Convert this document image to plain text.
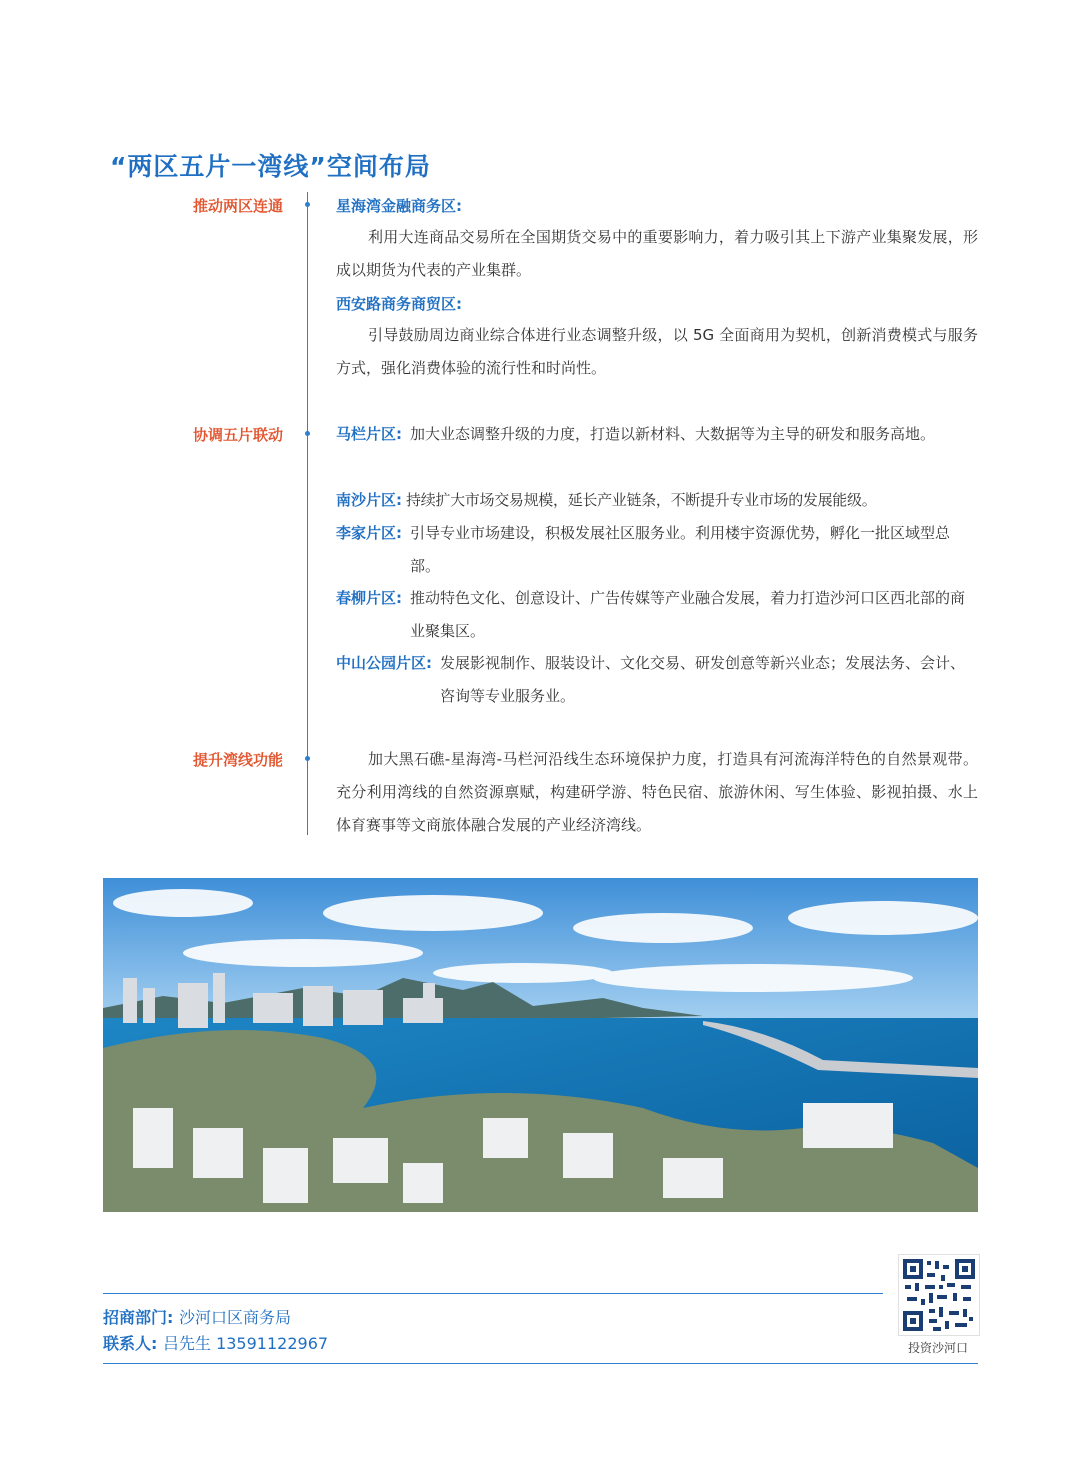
“两区五片一湾线”空间布局
推动两区连通	星海湾金融商务区:
利用大连商品交易所在全国期货交易中的重要影响力，着力吸引其上下游产业集聚发展，形成以期货为代表的产业集群。
西安路商务商贸区:
引导鼓励周边商业综合体进行业态调整升级，以 5G 全面商用为契机，创新消费模式与服务方式，强化消费体验的流行性和时尚性。
协调五片联动	马栏片区: 加大业态调整升级的力度，打造以新材料、大数据等为主导的研发和服务高地。
南沙片区: 持续扩大市场交易规模，延长产业链条，不断提升专业市场的发展能级。
李家片区: 引导专业市场建设，积极发展社区服务业。利用楼宇资源优势，孵化一批区域型总部。
春柳片区: 推动特色文化、创意设计、广告传媒等产业融合发展，着力打造沙河口区西北部的商业聚集区。
中山公园片区: 发展影视制作、服装设计、文化交易、研发创意等新兴业态；发展法务、会计、咨询等专业服务业。
提升湾线功能	加大黑石礁-星海湾-马栏河沿线生态环境保护力度，打造具有河流海洋特色的自然景观带。充分利用湾线的自然资源禀赋，构建研学游、特色民宿、旅游休闲、写生体验、影视拍摄、水上体育赛事等文商旅体融合发展的产业经济湾线。
招商部门: 沙河口区商务局
联系人: 吕先生 13591122967	投资沙河口
